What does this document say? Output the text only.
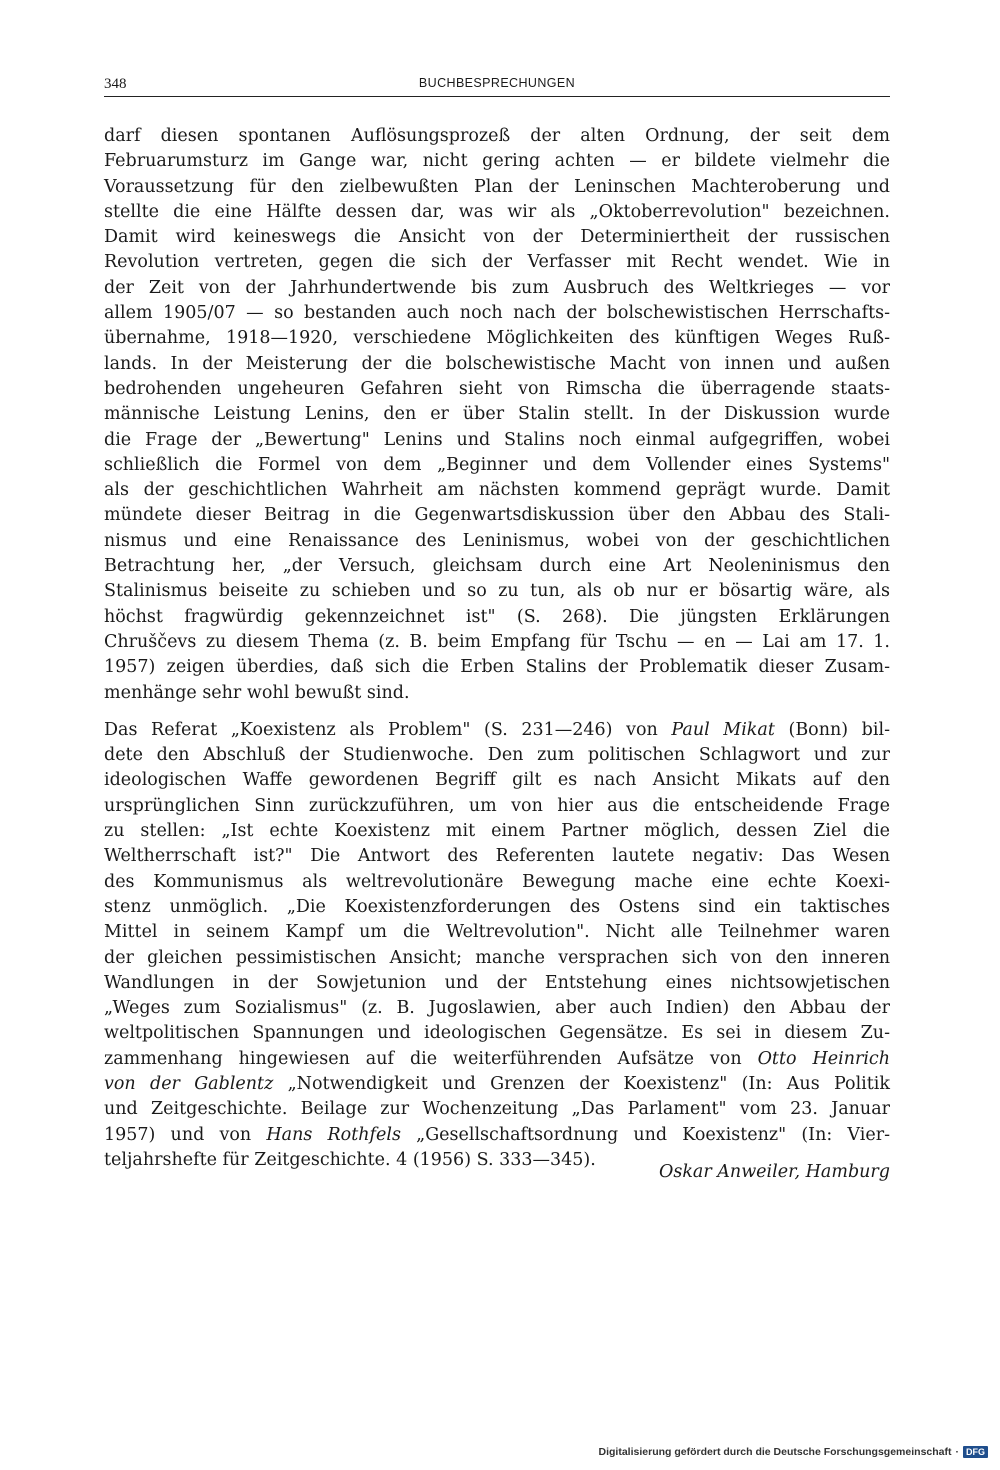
348	BUCHBESPRECHUNGEN
darf diesen spontanen Auflösungsprozeß der alten Ordnung, der seit dem
Februarumsturz im Gange war, nicht gering achten — er bildete vielmehr die
Voraussetzung für den zielbewußten Plan der Leninschen Machteroberung und
stellte die eine Hälfte dessen dar, was wir als „Oktoberrevolution" bezeichnen.
Damit wird keineswegs die Ansicht von der Determiniertheit der russischen
Revolution vertreten, gegen die sich der Verfasser mit Recht wendet. Wie in
der Zeit von der Jahrhundertwende bis zum Ausbruch des Weltkrieges — vor
allem 1905/07 — so bestanden auch noch nach der bolschewistischen Herrschafts-
übernahme, 1918—1920, verschiedene Möglichkeiten des künftigen Weges Ruß-
lands. In der Meisterung der die bolschewistische Macht von innen und außen
bedrohenden ungeheuren Gefahren sieht von Rimscha die überragende staats-
männische Leistung Lenins, den er über Stalin stellt. In der Diskussion wurde
die Frage der „Bewertung" Lenins und Stalins noch einmal aufgegriffen, wobei
schließlich die Formel von dem „Beginner und dem Vollender eines Systems"
als der geschichtlichen Wahrheit am nächsten kommend geprägt wurde. Damit
mündete dieser Beitrag in die Gegenwartsdiskussion über den Abbau des Stali-
nismus und eine Renaissance des Leninismus, wobei von der geschichtlichen
Betrachtung her, „der Versuch, gleichsam durch eine Art Neoleninismus den
Stalinismus beiseite zu schieben und so zu tun, als ob nur er bösartig wäre, als
höchst fragwürdig gekennzeichnet ist" (S. 268). Die jüngsten Erklärungen
Chruščevs zu diesem Thema (z. B. beim Empfang für Tschu — en — Lai am 17. 1.
1957) zeigen überdies, daß sich die Erben Stalins der Problematik dieser Zusam-
menhänge sehr wohl bewußt sind.
Das Referat „Koexistenz als Problem" (S. 231—246) von Paul Mikat (Bonn) bil-
dete den Abschluß der Studienwoche. Den zum politischen Schlagwort und zur
ideologischen Waffe gewordenen Begriff gilt es nach Ansicht Mikats auf den
ursprünglichen Sinn zurückzuführen, um von hier aus die entscheidende Frage
zu stellen: „Ist echte Koexistenz mit einem Partner möglich, dessen Ziel die
Weltherrschaft ist?" Die Antwort des Referenten lautete negativ: Das Wesen
des Kommunismus als weltrevolutionäre Bewegung mache eine echte Koexi-
stenz unmöglich. „Die Koexistenzforderungen des Ostens sind ein taktisches
Mittel in seinem Kampf um die Weltrevolution". Nicht alle Teilnehmer waren
der gleichen pessimistischen Ansicht; manche versprachen sich von den inneren
Wandlungen in der Sowjetunion und der Entstehung eines nichtsowjetischen
„Weges zum Sozialismus" (z. B. Jugoslawien, aber auch Indien) den Abbau der
weltpolitischen Spannungen und ideologischen Gegensätze. Es sei in diesem Zu-
zammenhang hingewiesen auf die weiterführenden Aufsätze von Otto Heinrich
von der Gablentz „Notwendigkeit und Grenzen der Koexistenz" (In: Aus Politik
und Zeitgeschichte. Beilage zur Wochenzeitung „Das Parlament" vom 23. Januar
1957) und von Hans Rothfels „Gesellschaftsordnung und Koexistenz" (In: Vier-
teljahrshefte für Zeitgeschichte. 4 (1956) S. 333—345).
Oskar Anweiler, Hamburg
Digitalisierung gefördert durch die Deutsche Forschungsgemeinschaft · DFG
